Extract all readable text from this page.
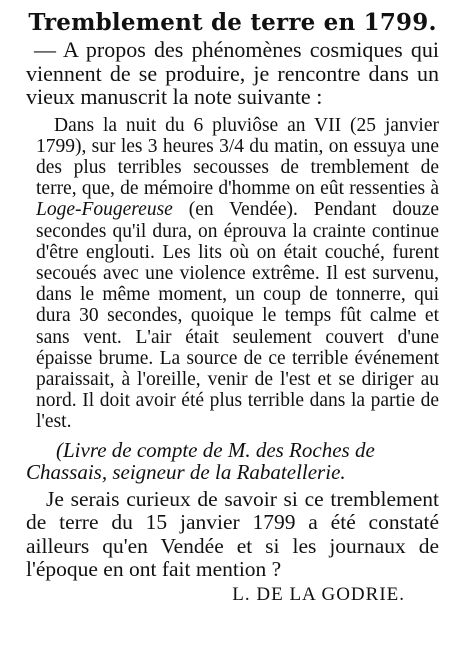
Tremblement de terre en 1799.

— A propos des phénomènes cosmiques qui viennent de se produire, je rencontre dans un vieux manuscrit la note suivante :

Dans la nuit du 6 pluviôse an VII (25 janvier 1799), sur les 3 heures 3/4 du matin, on essuya une des plus terribles secousses de tremblement de terre, que, de mémoire d'homme on eût ressenties à Loge-Fougereuse (en Vendée). Pendant douze secondes qu'il dura, on éprouva la crainte continue d'être englouti. Les lits où on était couché, furent secoués avec une violence extrême. Il est survenu, dans le même moment, un coup de tonnerre, qui dura 30 secondes, quoique le temps fût calme et sans vent. L'air était seulement couvert d'une épaisse brume. La source de ce terrible événement paraissait, à l'oreille, venir de l'est et se diriger au nord. Il doit avoir été plus terrible dans la partie de l'est.

(Livre de compte de M. des Roches de Chassais, seigneur de la Rabatellerie.

Je serais curieux de savoir si ce tremblement de terre du 15 janvier 1799 a été constaté ailleurs qu'en Vendée et si les journaux de l'époque en ont fait mention ?

L. DE LA GODRIE.
